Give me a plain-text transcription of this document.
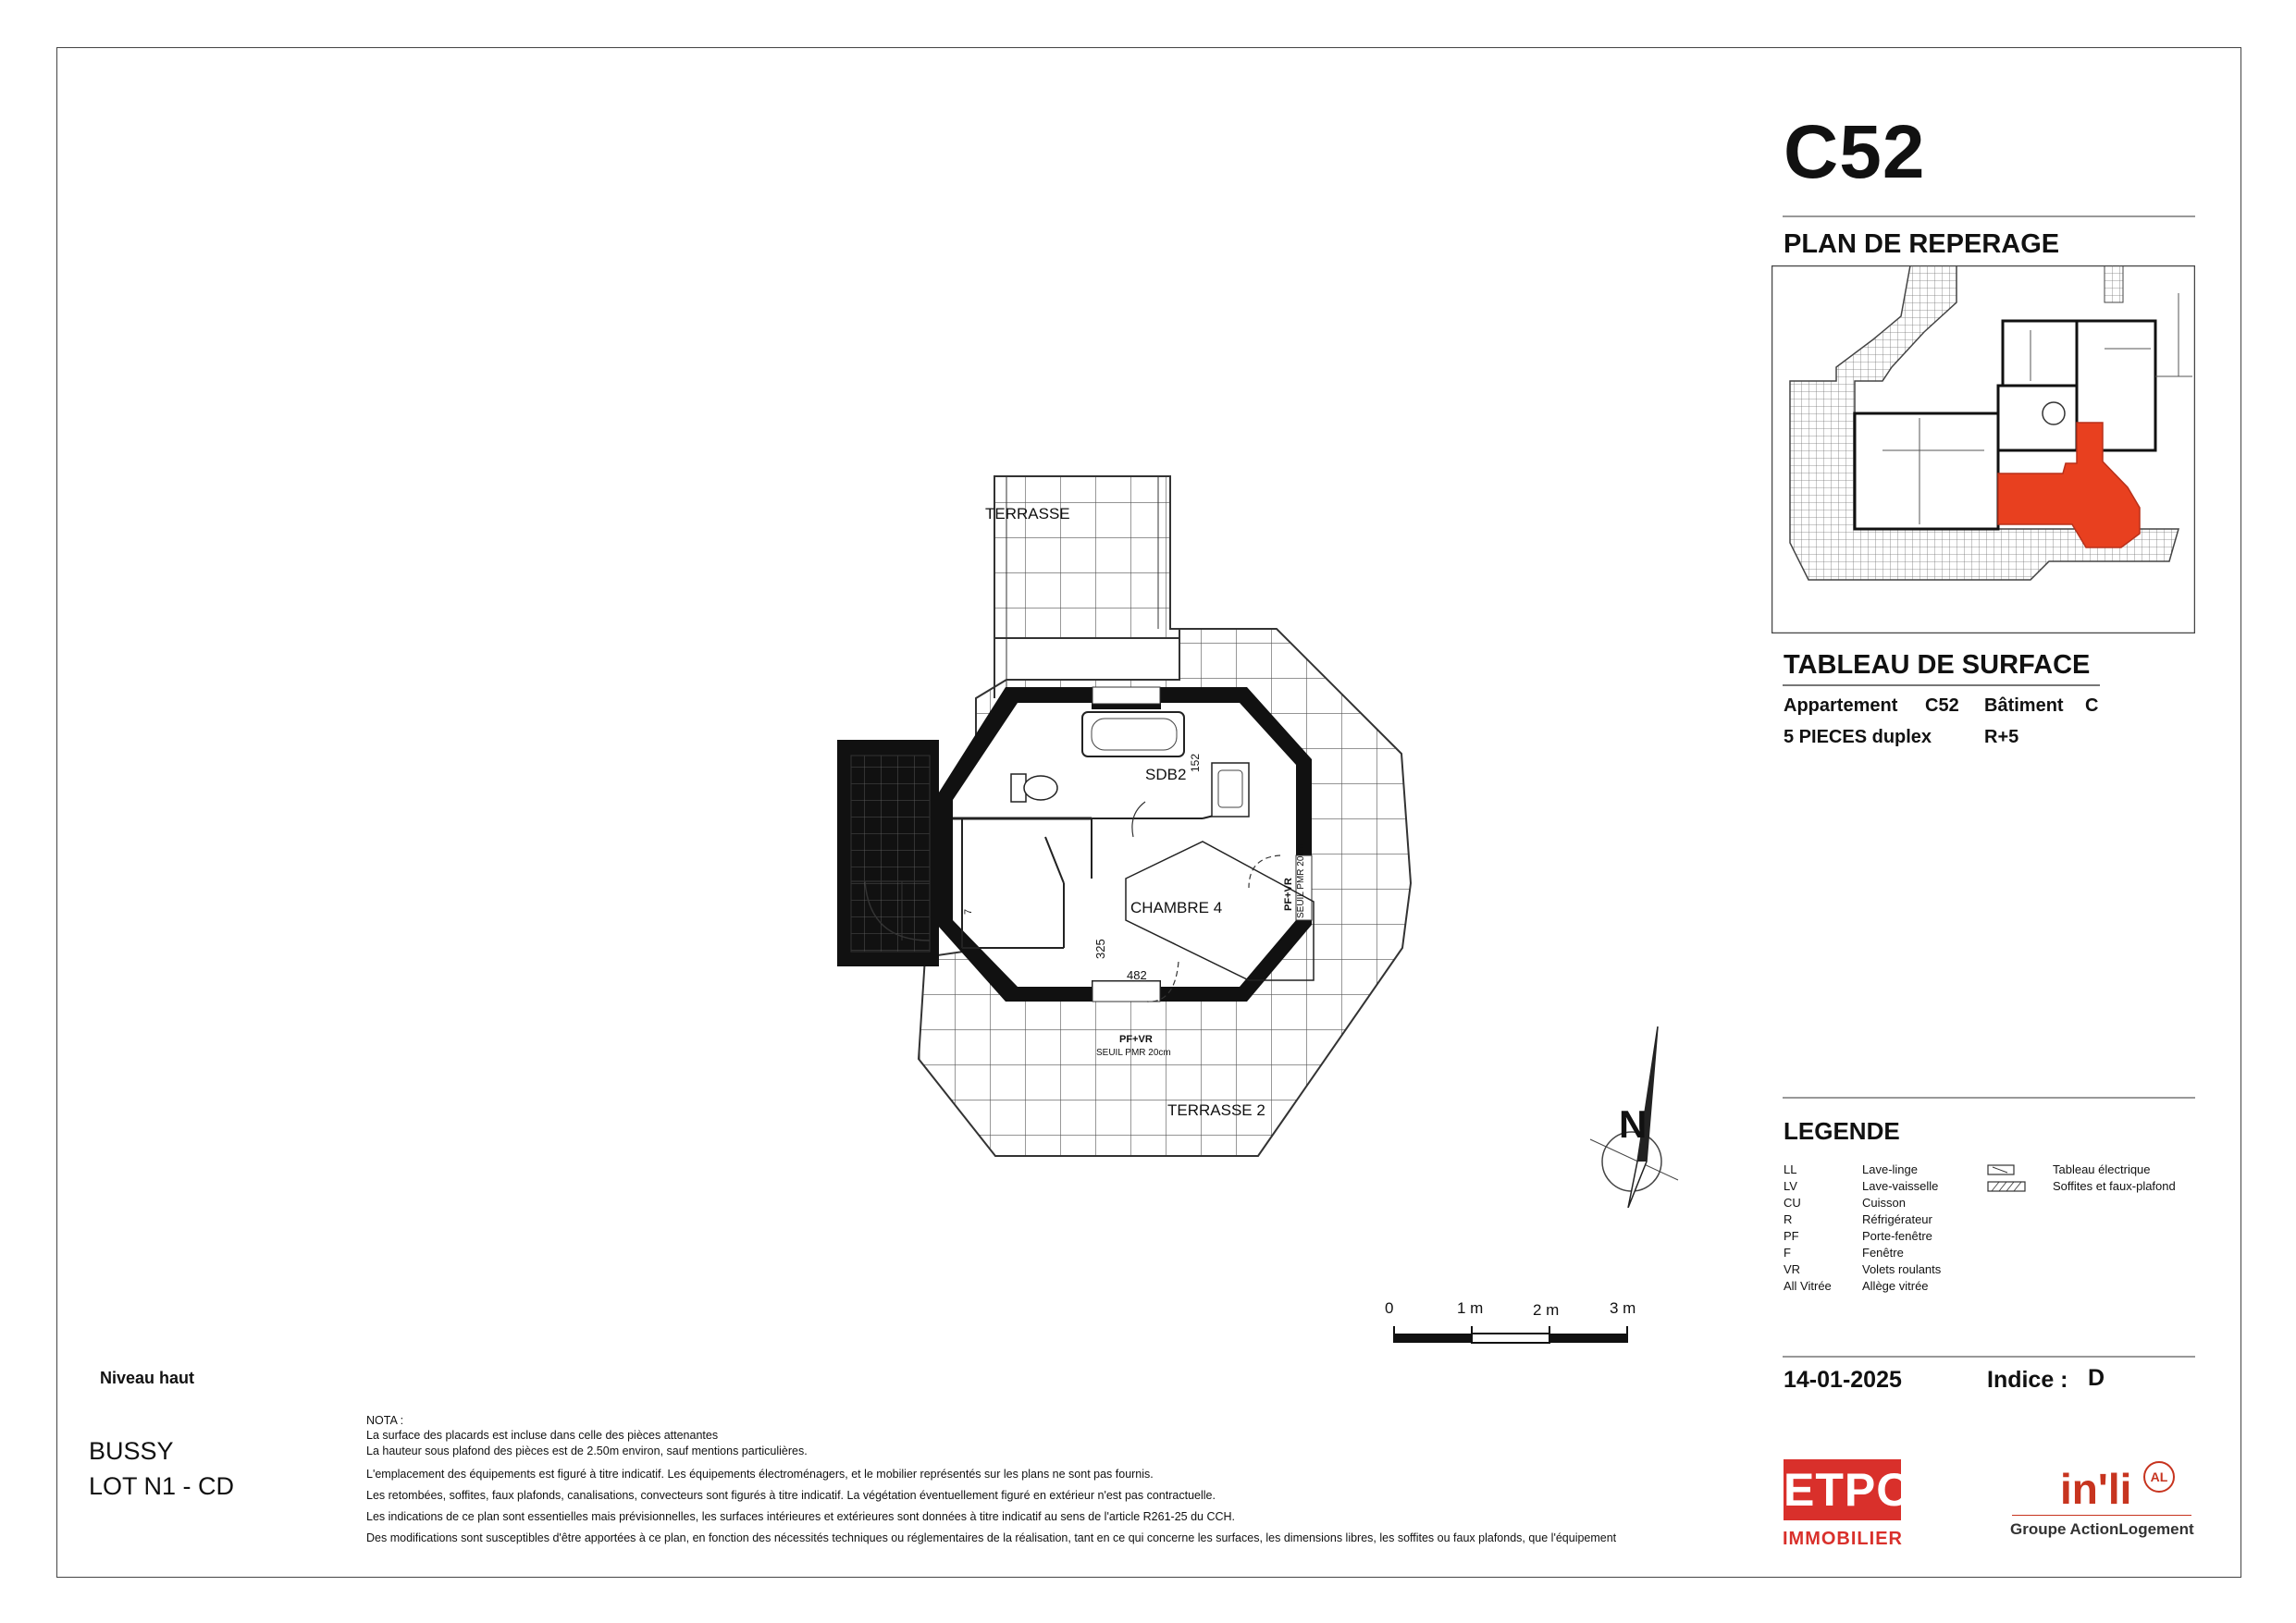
C52
PLAN DE REPERAGE
TABLEAU DE SURFACE
Appartement C52 Bâtiment C
5 PIECES duplex	R+5
LEGENDE
LL	Lave-linge
LV	Lave-vaisselle
CU	Cuisson
R	Réfrigérateur
PF	Porte-fenêtre
F	Fenêtre
VR	Volets roulants
All Vitrée	Allège vitrée
Tableau électrique
Soffites et faux-plafond
14-01-2025	Indice : D
TERRASSE
SDB2
CHAMBRE 4
TERRASSE 2
PF+VR
SEUIL PMR 20cm
PF+VR SEUIL PMR 20cm
325
482
152
7
N
0	1 m	2 m	3 m
Niveau haut
BUSSY
LOT N1 - CD
NOTA :
La surface des placards est incluse dans celle des pièces attenantes
La hauteur sous plafond des pièces est de 2.50m environ, sauf mentions particulières.
L'emplacement des équipements est figuré à titre indicatif. Les équipements électroménagers, et le mobilier représentés sur les plans ne sont pas fournis.
Les retombées, soffites, faux plafonds, canalisations, convecteurs sont figurés à titre indicatif. La végétation éventuellement figuré en extérieur n'est pas contractuelle.
Les indications de ce plan sont essentielles mais prévisionnelles, les surfaces intérieures et extérieures sont données à titre indicatif au sens de l'article R261-25 du CCH.
Des modifications sont susceptibles d'être apportées à ce plan, en fonction des nécessités techniques ou réglementaires de la réalisation, tant en ce qui concerne les surfaces, les dimensions libres, les soffites ou faux plafonds, que l'équipement
ETPO
IMMOBILIER
in'li	AL
Groupe ActionLogement
